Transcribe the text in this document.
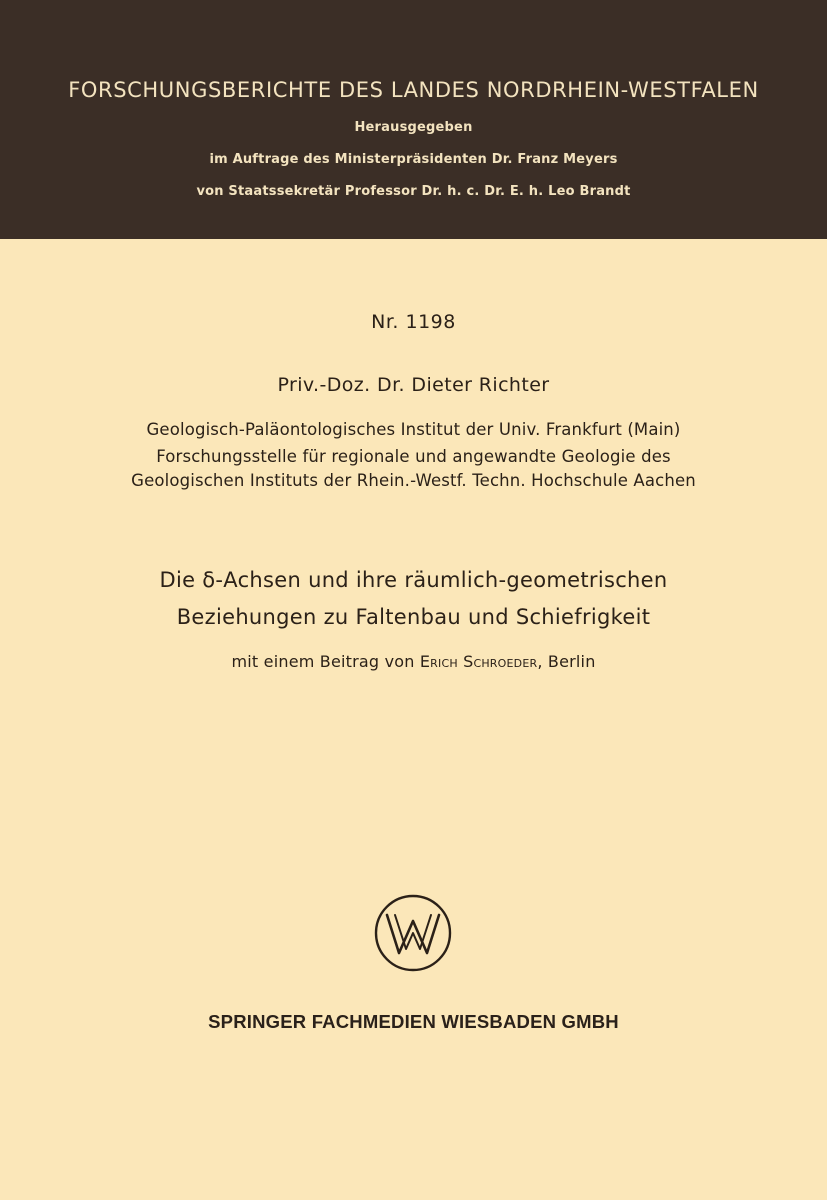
FORSCHUNGSBERICHTE DES LANDES NORDRHEIN-WESTFALEN
Herausgegeben
im Auftrage des Ministerpräsidenten Dr. Franz Meyers
von Staatssekretär Professor Dr. h. c. Dr. E. h. Leo Brandt
Nr. 1198
Priv.-Doz. Dr. Dieter Richter
Geologisch-Paläontologisches Institut der Univ. Frankfurt (Main)
Forschungsstelle für regionale und angewandte Geologie des
Geologischen Instituts der Rhein.-Westf. Techn. Hochschule Aachen
Die δ-Achsen und ihre räumlich-geometrischen
Beziehungen zu Faltenbau und Schiefrigkeit
mit einem Beitrag von Erich Schroeder, Berlin
SPRINGER FACHMEDIEN WIESBADEN GMBH
